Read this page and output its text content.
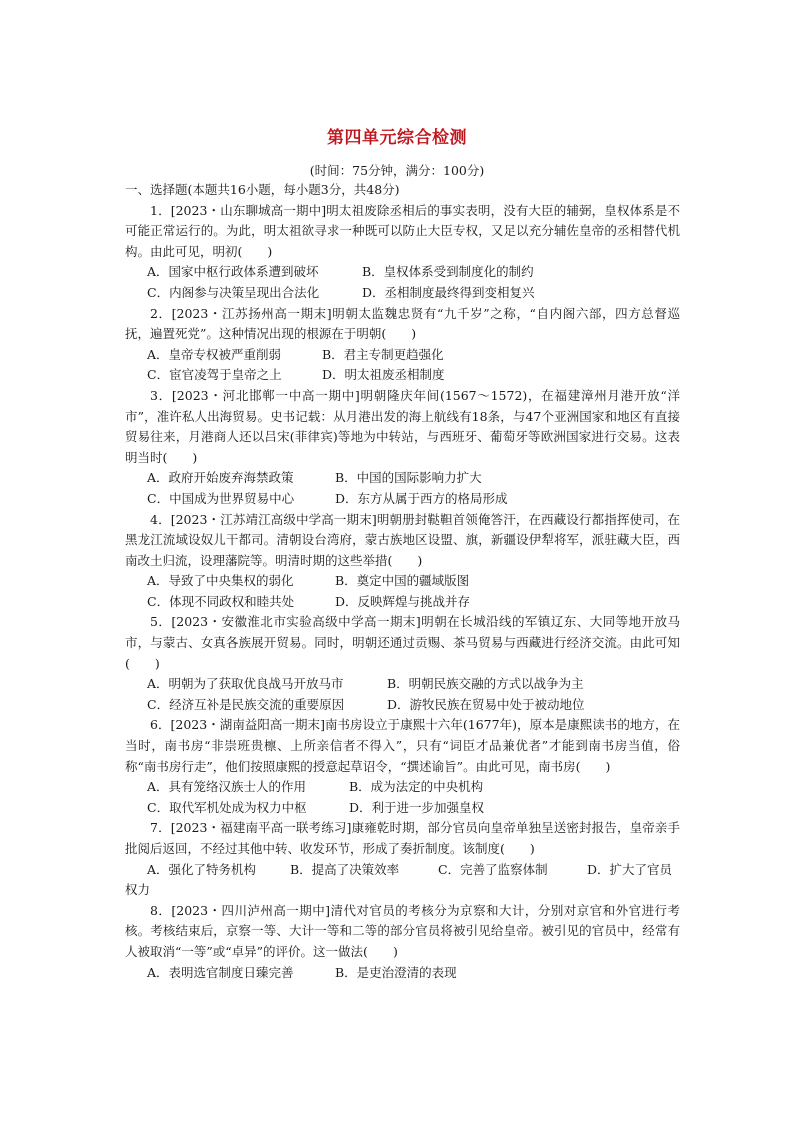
第四单元综合检测
(时间：75分钟，满分：100分)

一、选择题(本题共16小题，每小题3分，共48分)

1．[2023・山东聊城高一期中]明太祖废除丞相后的事实表明，没有大臣的辅弼，皇权体系是不可能正常运行的。为此，明太祖欲寻求一种既可以防止大臣专权，又足以充分辅佐皇帝的丞相替代机构。由此可见，明初(　　)

A．国家中枢行政体系遭到破坏	B．皇权体系受到制度化的制约
C．内阁参与决策呈现出合法化	D．丞相制度最终得到变相复兴

2．[2023・江苏扬州高一期末]明朝太监魏忠贤有“九千岁”之称，“自内阁六部，四方总督巡抚，遍置死党”。这种情况出现的根源在于明朝(　　)

A．皇帝专权被严重削弱	B．君主专制更趋强化
C．宦官凌驾于皇帝之上	D．明太祖废丞相制度

3．[2023・河北邯郸一中高一期中]明朝隆庆年间(1567～1572)，在福建漳州月港开放“洋市”，准许私人出海贸易。史书记载：从月港出发的海上航线有18条，与47个亚洲国家和地区有直接贸易往来，月港商人还以吕宋(菲律宾)等地为中转站，与西班牙、葡萄牙等欧洲国家进行交易。这表明当时(　　)

A．政府开始废弃海禁政策	B．中国的国际影响力扩大
C．中国成为世界贸易中心	D．东方从属于西方的格局形成

4．[2023・江苏靖江高级中学高一期末]明朝册封鞑靼首领俺答汗，在西藏设行都指挥使司，在黑龙江流域设奴儿干都司。清朝设台湾府，蒙古族地区设盟、旗，新疆设伊犁将军，派驻藏大臣，西南改土归流，设理藩院等。明清时期的这些举措(　　)

A．导致了中央集权的弱化	B．奠定中国的疆域版图
C．体现不同政权和睦共处	D．反映辉煌与挑战并存

5．[2023・安徽淮北市实验高级中学高一期末]明朝在长城沿线的军镇辽东、大同等地开放马市，与蒙古、女真各族展开贸易。同时，明朝还通过贡赐、茶马贸易与西藏进行经济交流。由此可知(　　)

A．明朝为了获取优良战马开放马市	B．明朝民族交融的方式以战争为主
C．经济互补是民族交流的重要原因	D．游牧民族在贸易中处于被动地位

6．[2023・湖南益阳高一期末]南书房设立于康熙十六年(1677年)，原本是康熙读书的地方，在当时，南书房“非崇班贵檩、上所亲信者不得入”，只有“词臣才品兼优者”才能到南书房当值，俗称“南书房行走”，他们按照康熙的授意起草诏令，“撰述谕旨”。由此可见，南书房(　　)

A．具有笼络汉族士人的作用	B．成为法定的中央机构
C．取代军机处成为权力中枢	D．利于进一步加强皇权

7．[2023・福建南平高一联考练习]康雍乾时期，部分官员向皇帝单独呈送密封报告，皇帝亲手批阅后返回，不经过其他中转、收发环节，形成了奏折制度。该制度(　　)

A．强化了特务机构	B．提高了决策效率	C．完善了监察体制	D．扩大了官员

权力

8．[2023・四川泸州高一期中]清代对官员的考核分为京察和大计，分别对京官和外官进行考核。考核结束后，京察一等、大计一等和二等的部分官员将被引见给皇帝。被引见的官员中，经常有人被取消“一等”或“卓异”的评价。这一做法(　　)

A．表明选官制度日臻完善	B．是吏治澄清的表现
